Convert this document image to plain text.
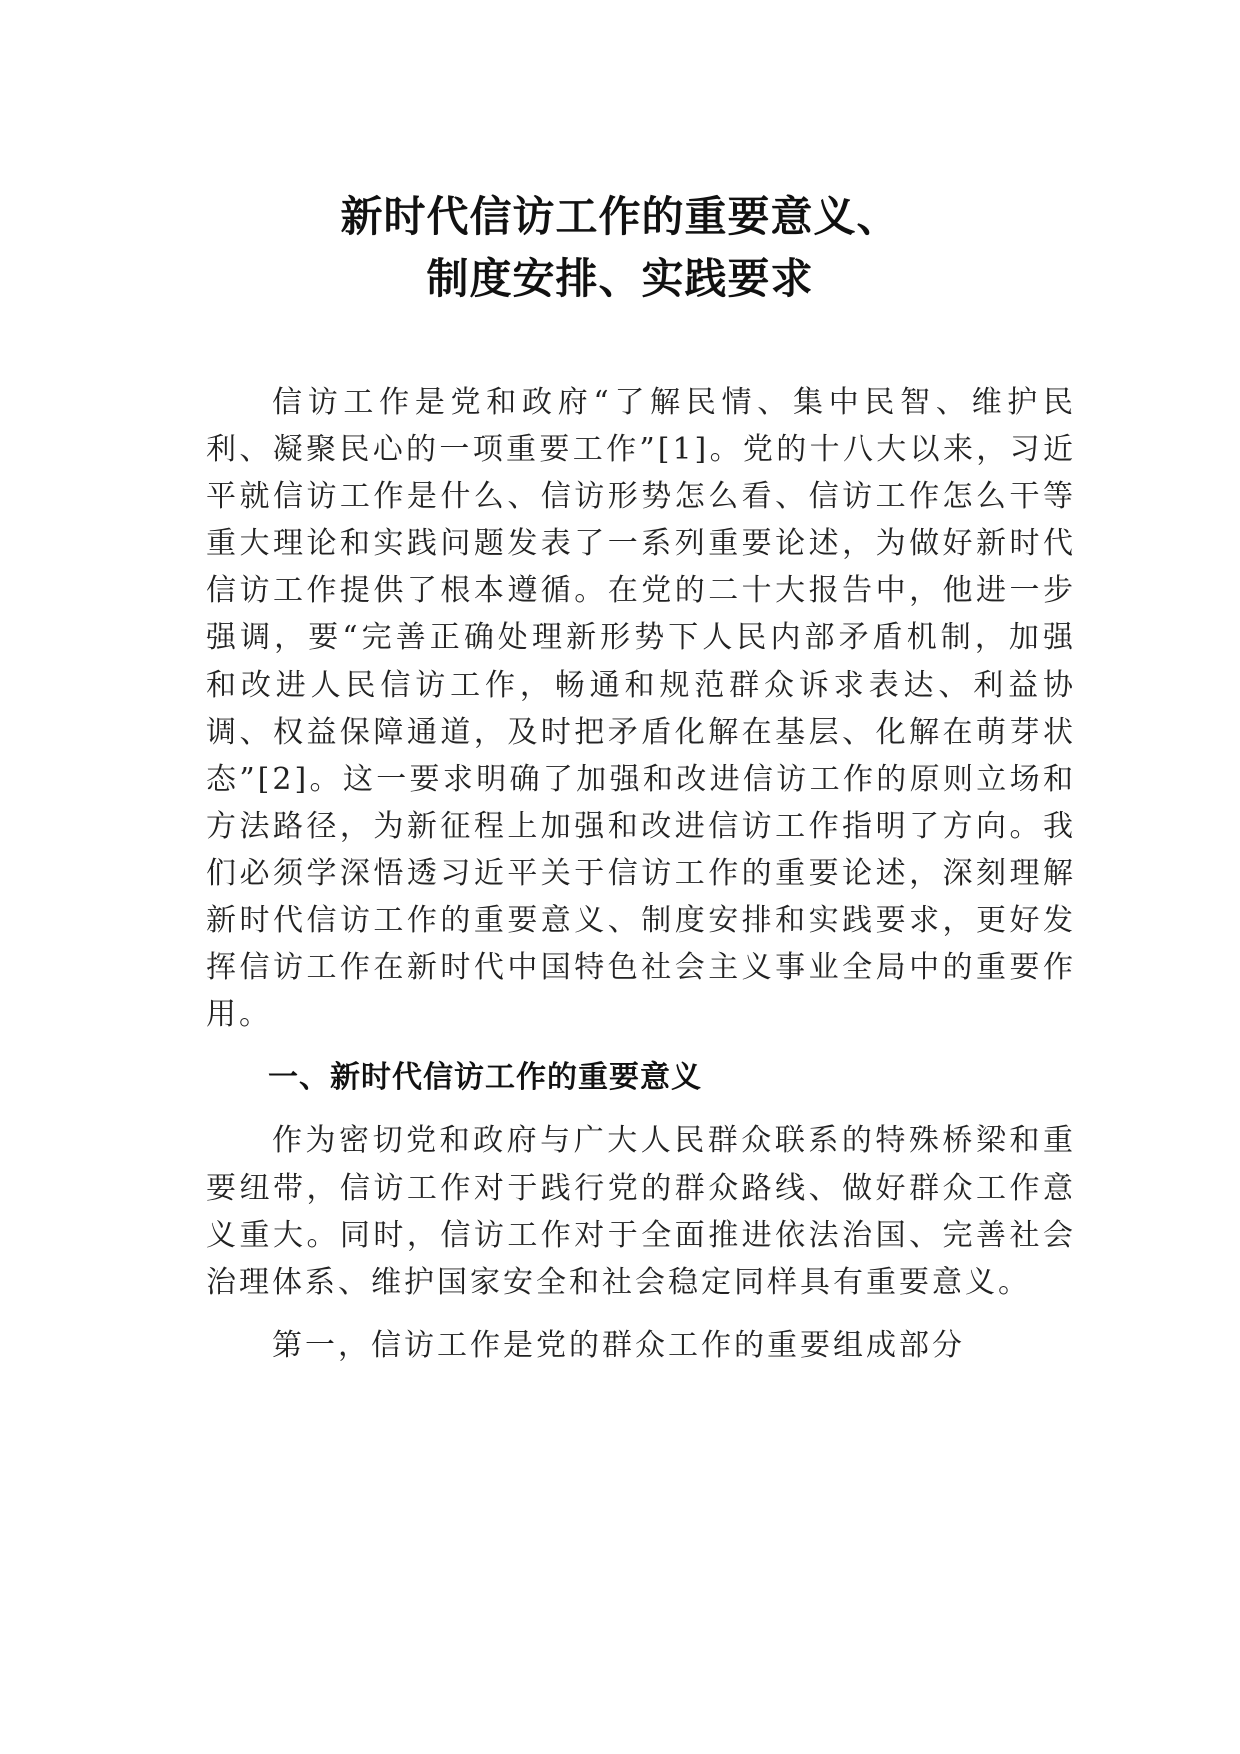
新时代信访工作的重要意义、
制度安排、实践要求

信访工作是党和政府“了解民情、集中民智、维护民利、凝聚民心的一项重要工作”[1]。党的十八大以来，习近平就信访工作是什么、信访形势怎么看、信访工作怎么干等重大理论和实践问题发表了一系列重要论述，为做好新时代信访工作提供了根本遵循。在党的二十大报告中，他进一步强调，要“完善正确处理新形势下人民内部矛盾机制，加强和改进人民信访工作，畅通和规范群众诉求表达、利益协调、权益保障通道，及时把矛盾化解在基层、化解在萌芽状态”[2]。这一要求明确了加强和改进信访工作的原则立场和方法路径，为新征程上加强和改进信访工作指明了方向。我们必须学深悟透习近平关于信访工作的重要论述，深刻理解新时代信访工作的重要意义、制度安排和实践要求，更好发挥信访工作在新时代中国特色社会主义事业全局中的重要作用。

一、新时代信访工作的重要意义

作为密切党和政府与广大人民群众联系的特殊桥梁和重要纽带，信访工作对于践行党的群众路线、做好群众工作意义重大。同时，信访工作对于全面推进依法治国、完善社会治理体系、维护国家安全和社会稳定同样具有重要意义。

第一，信访工作是党的群众工作的重要组成部分
